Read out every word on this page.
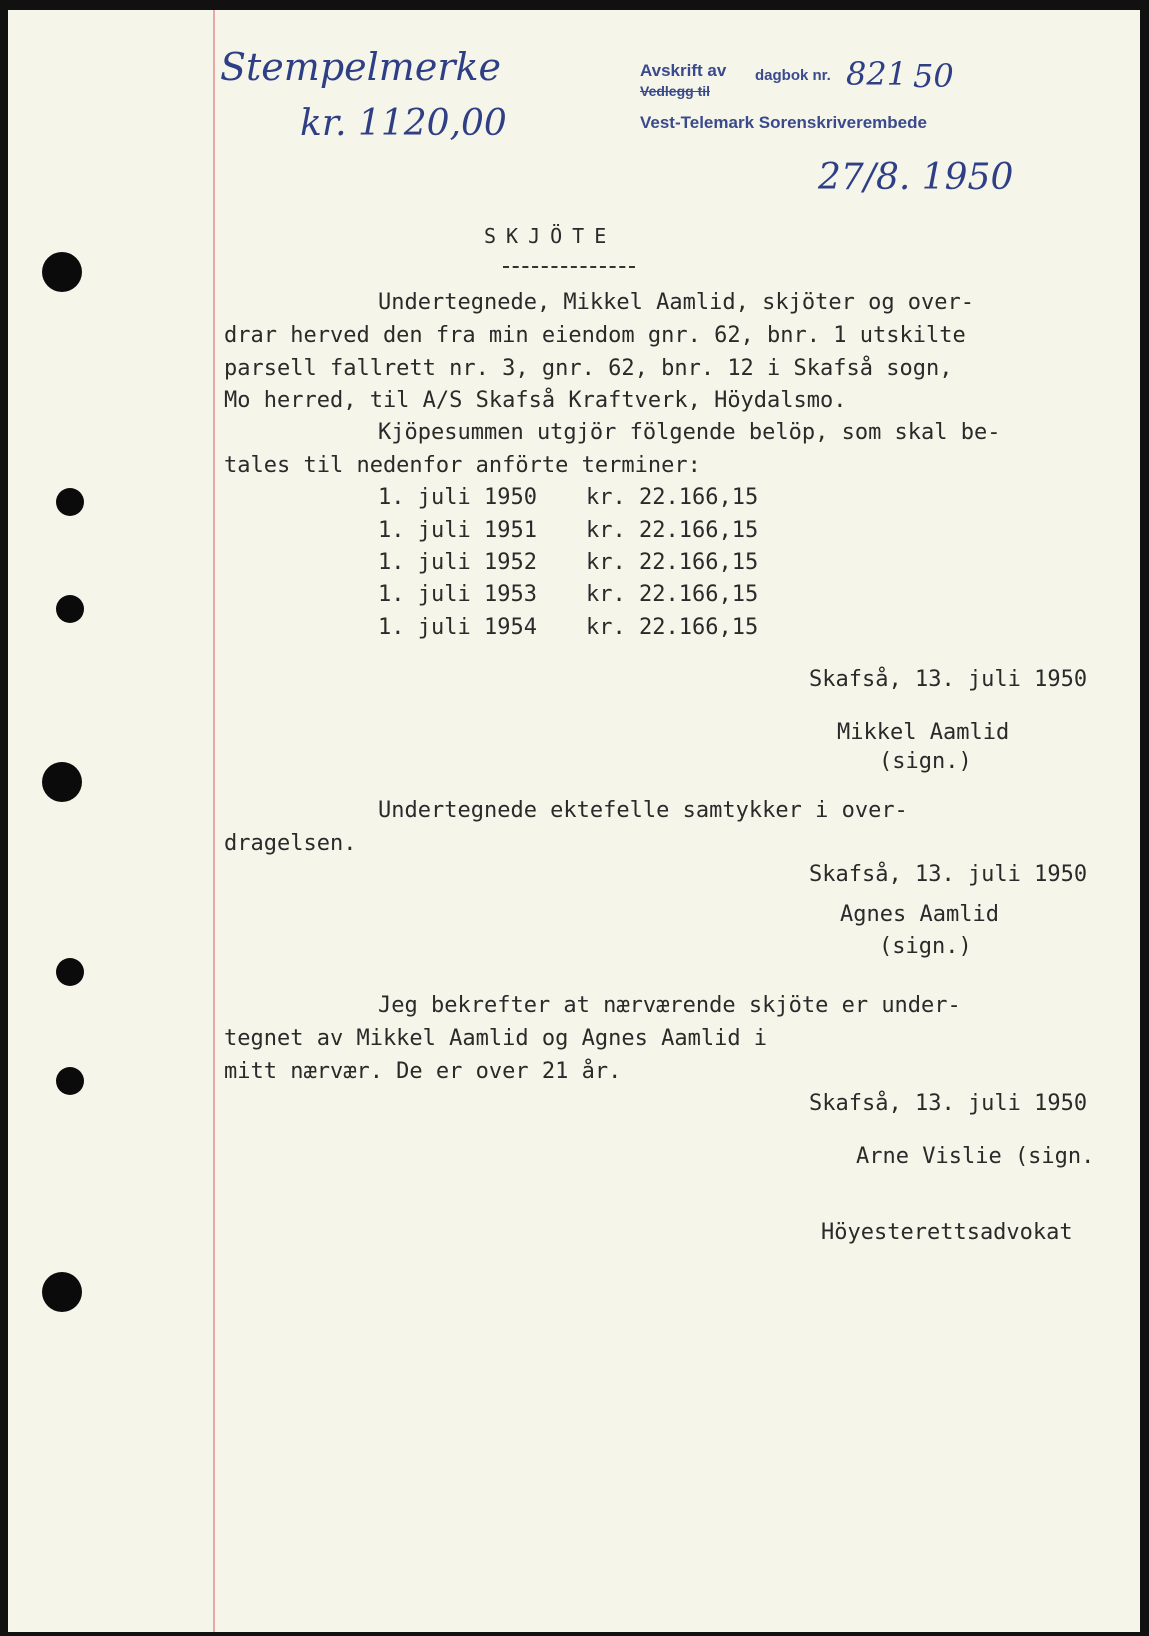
Stempelmerke
kr. 1120,00
Avskrift av dagbok nr. 821 50
Vedlegg til
Vest-Telemark Sorenskriverembede
27/8. 1950
SKJÖTE
Undertegnede, Mikkel Aamlid, skjöter og over-
drar herved den fra min eiendom gnr. 62, bnr. 1 utskilte
parsell fallrett nr. 3, gnr. 62, bnr. 12 i Skafså sogn,
Mo herred, til A/S Skafså Kraftverk, Höydalsmo.
Kjöpesummen utgjör fölgende belöp, som skal be-
tales til nedenfor anförte terminer:
1. juli 1950 kr. 22.166,15
1. juli 1951 kr. 22.166,15
1. juli 1952 kr. 22.166,15
1. juli 1953 kr. 22.166,15
1. juli 1954 kr. 22.166,15
Skafså, 13. juli 1950
Mikkel Aamlid
(sign.)
Undertegnede ektefelle samtykker i over-
dragelsen.
Skafså, 13. juli 1950
Agnes Aamlid
(sign.)
Jeg bekrefter at nærværende skjöte er under-
tegnet av Mikkel Aamlid og Agnes Aamlid i
mitt nærvær. De er over 21 år.
Skafså, 13. juli 1950
Arne Vislie (sign.
Höyesterettsadvokat
